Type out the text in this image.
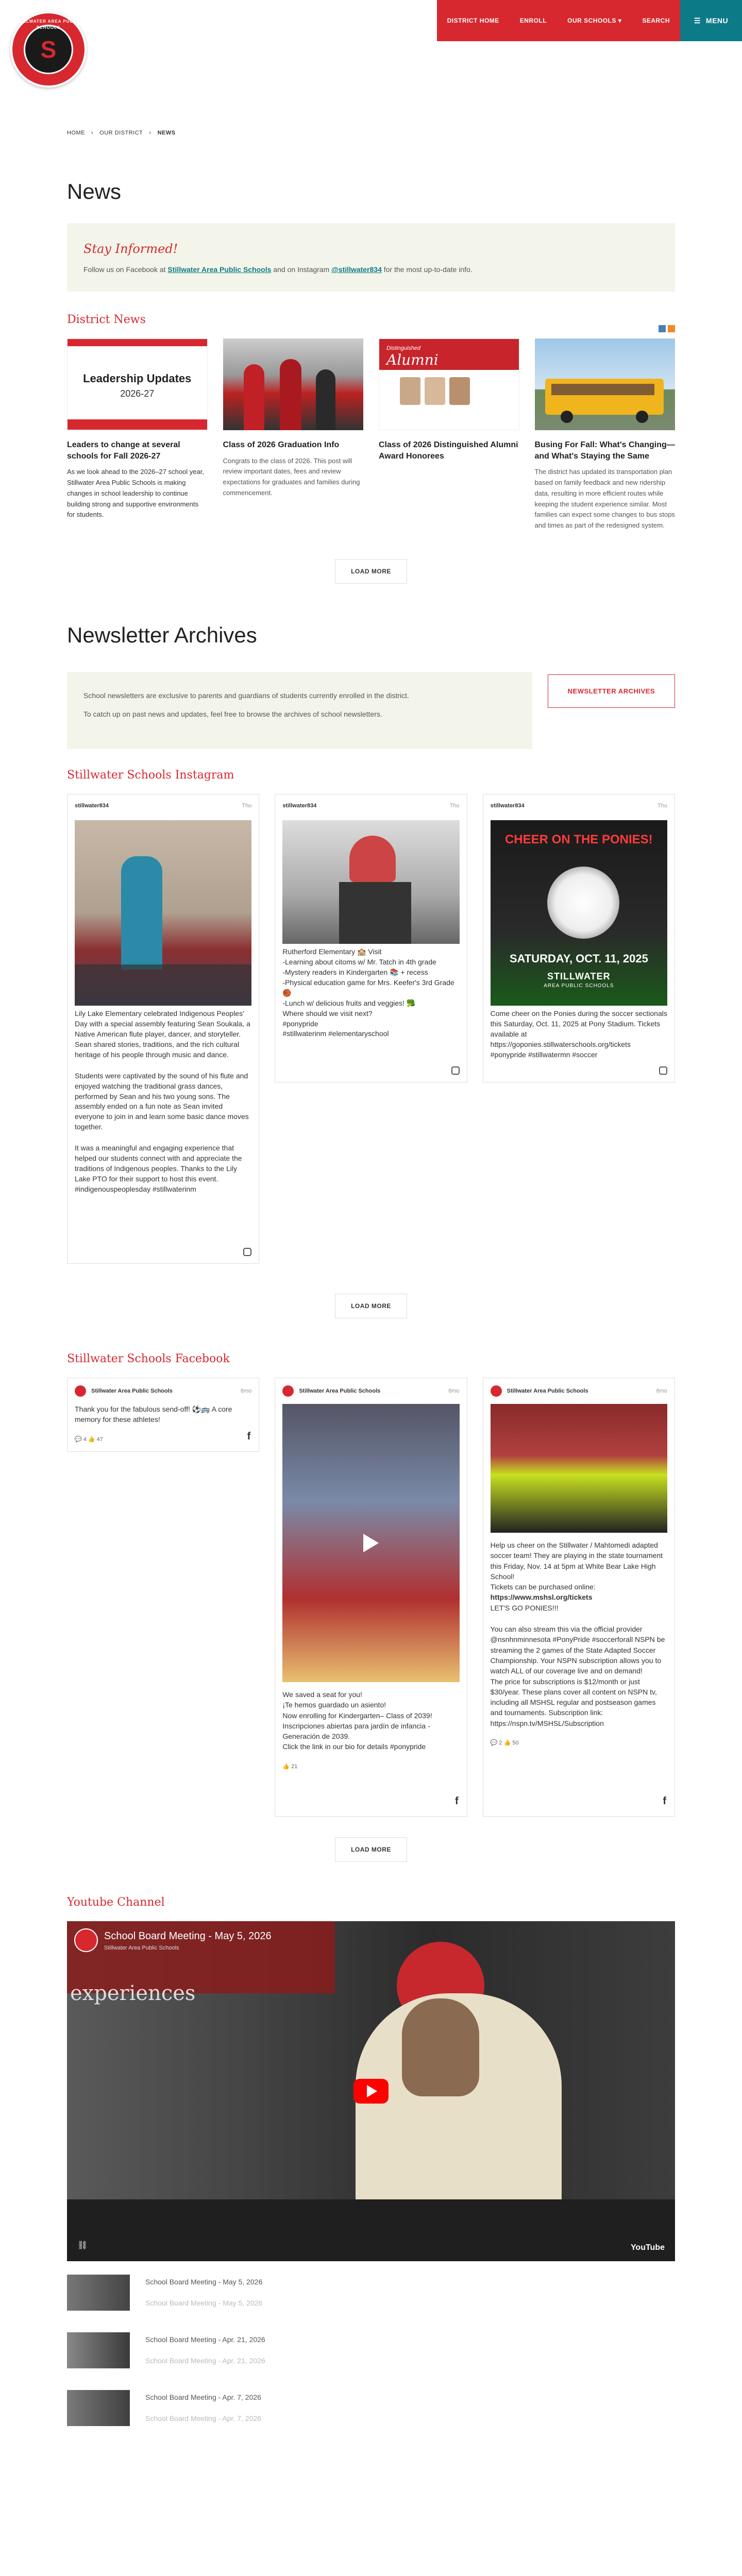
DISTRICT HOME	ENROLL	OUR SCHOOLS ▾	SEARCH	☰ MENU
STILLWATER AREA PUBLIC SCHOOLS
S
HOME › OUR DISTRICT › NEWS
News
Stay Informed!

Follow us on Facebook at Stillwater Area Public Schools and on Instagram @stillwater834 for the most up-to-date info.

District News
Leadership Updates
2026-27
Leaders to change at several schools for Fall 2026-27

As we look ahead to the 2026–27 school year, Stillwater Area Public Schools is making changes in school leadership to continue building strong and supportive environments for students.

Class of 2026 Graduation Info

Congrats to the class of 2026. This post will review important dates, fees and review expectations for graduates and families during commencement.

Distinguished
Alumni
Class of 2026 Distinguished Alumni Award Honorees
Busing For Fall: What's Changing—and What's Staying the Same

The district has updated its transportation plan based on family feedback and new ridership data, resulting in more efficient routes while keeping the student experience similar. Most families can expect some changes to bus stops and times as part of the redesigned system.

LOAD MORE
Newsletter Archives
School newsletters are exclusive to parents and guardians of students currently enrolled in the district.
To catch up on past news and updates, feel free to browse the archives of school newsletters.
NEWSLETTER ARCHIVES
Stillwater Schools Instagram
stillwater834	Thu

Lily Lake Elementary celebrated Indigenous Peoples' Day with a special assembly featuring Sean Soukala, a Native American flute player, dancer, and storyteller. Sean shared stories, traditions, and the rich cultural heritage of his people through music and dance.

Students were captivated by the sound of his flute and enjoyed watching the traditional grass dances, performed by Sean and his two young sons. The assembly ended on a fun note as Sean invited everyone to join in and learn some basic dance moves together.

It was a meaningful and engaging experience that helped our students connect with and appreciate the traditions of Indigenous peoples. Thanks to the Lily Lake PTO for their support to host this event.

#indigenouspeoplesday #stillwaterinm

stillwater834	Thu

Rutherford Elementary 🏫 Visit

-Learning about citoms w/ Mr. Tatch in 4th grade

-Mystery readers in Kindergarten 📚 + recess

-Physical education game for Mrs. Keefer's 3rd Grade 🏀

-Lunch w/ delicious fruits and veggies! 🥦

Where should we visit next?

#ponypride

#stillwaterinm #elementaryschool

stillwater834	Thu
CHEER ON THE PONIES!
SATURDAY, OCT. 11, 2025
STILLWATER
AREA PUBLIC SCHOOLS

Come cheer on the Ponies during the soccer sectionals this Saturday, Oct. 11, 2025 at Pony Stadium. Tickets available at https://goponies.stillwaterschools.org/tickets

#ponypride #stillwatermn #soccer

LOAD MORE
Stillwater Schools Facebook
Stillwater Area Public Schools	8mo

Thank you for the fabulous send-off! ⚽🚌 A core memory for these athletes!

💬 4 👍 47	f
Stillwater Area Public Schools	8mo

We saved a seat for you!

¡Te hemos guardado un asiento!

Now enrolling for Kindergarten– Class of 2039!

Inscripciones abiertas para jardín de infancia - Generación de 2039.

Click the link in our bio for details #ponypride

👍 21
f
Stillwater Area Public Schools	8mo

Help us cheer on the Stillwater / Mahtomedi adapted soccer team! They are playing in the state tournament this Friday, Nov. 14 at 5pm at White Bear Lake High School!

Tickets can be purchased online:

https://www.mshsl.org/tickets

LET'S GO PONIES!!!

You can also stream this via the official provider @nsnhnminnesota #PonyPride #soccerforall NSPN be streaming the 2 games of the State Adapted Soccer Championship. Your NSPN subscription allows you to watch ALL of our coverage live and on demand!

The price for subscriptions is $12/month or just $30/year. These plans cover all content on NSPN tv, including all MSHSL regular and postseason games and tournaments. Subscription link: https://nspn.tv/MSHSL/Subscription

💬 2 👍 50
f
LOAD MORE
Youtube Channel
experiences
School Board Meeting - May 5, 2026
Stillwater Area Public Schools
⛓	YouTube
School Board Meeting - May 5, 2026
School Board Meeting - May 5, 2026
School Board Meeting - Apr. 21, 2026
School Board Meeting - Apr. 21, 2026
School Board Meeting - Apr. 7, 2026
School Board Meeting - Apr. 7, 2026
